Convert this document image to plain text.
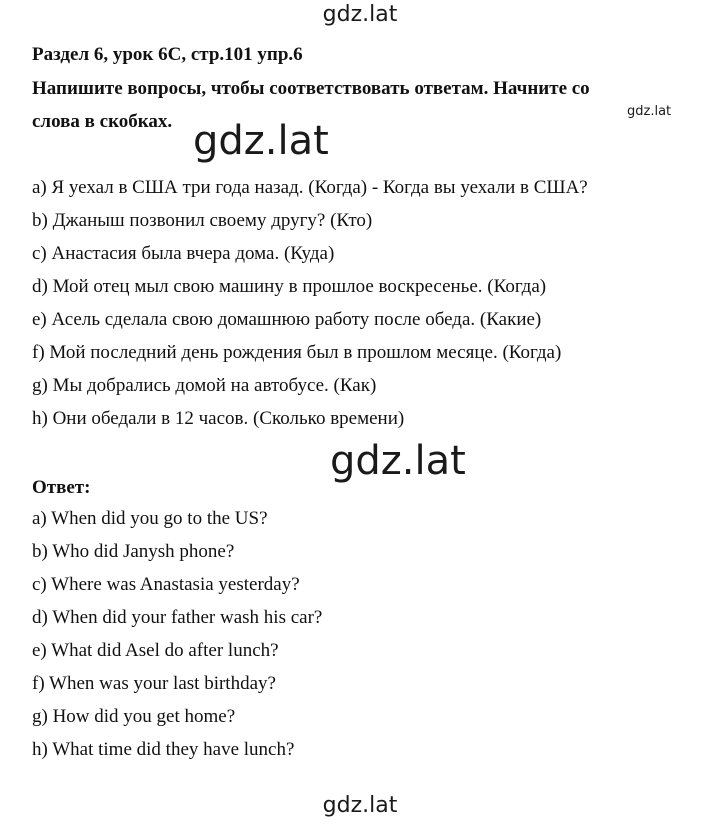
gdz.lat
Раздел 6, урок 6C, стр.101 упр.6
Напишите вопросы, чтобы соответствовать ответам. Начните со
слова в скобках.	gdz.lat
gdz.lat
a) Я уехал в США три года назад. (Когда) - Когда вы уехали в США?
b) Джаныш позвонил своему другу? (Кто)
c) Анастасия была вчера дома. (Куда)
d) Мой отец мыл свою машину в прошлое воскресенье. (Когда)
e) Асель сделала свою домашнюю работу после обеда. (Какие)
f) Мой последний день рождения был в прошлом месяце. (Когда)
g) Мы добрались домой на автобусе. (Как)
h) Они обедали в 12 часов. (Сколько времени)
gdz.lat
Ответ:
a) When did you go to the US?
b) Who did Janysh phone?
c) Where was Anastasia yesterday?
d) When did your father wash his car?
e) What did Asel do after lunch?
f) When was your last birthday?
g) How did you get home?
h) What time did they have lunch?
gdz.lat
